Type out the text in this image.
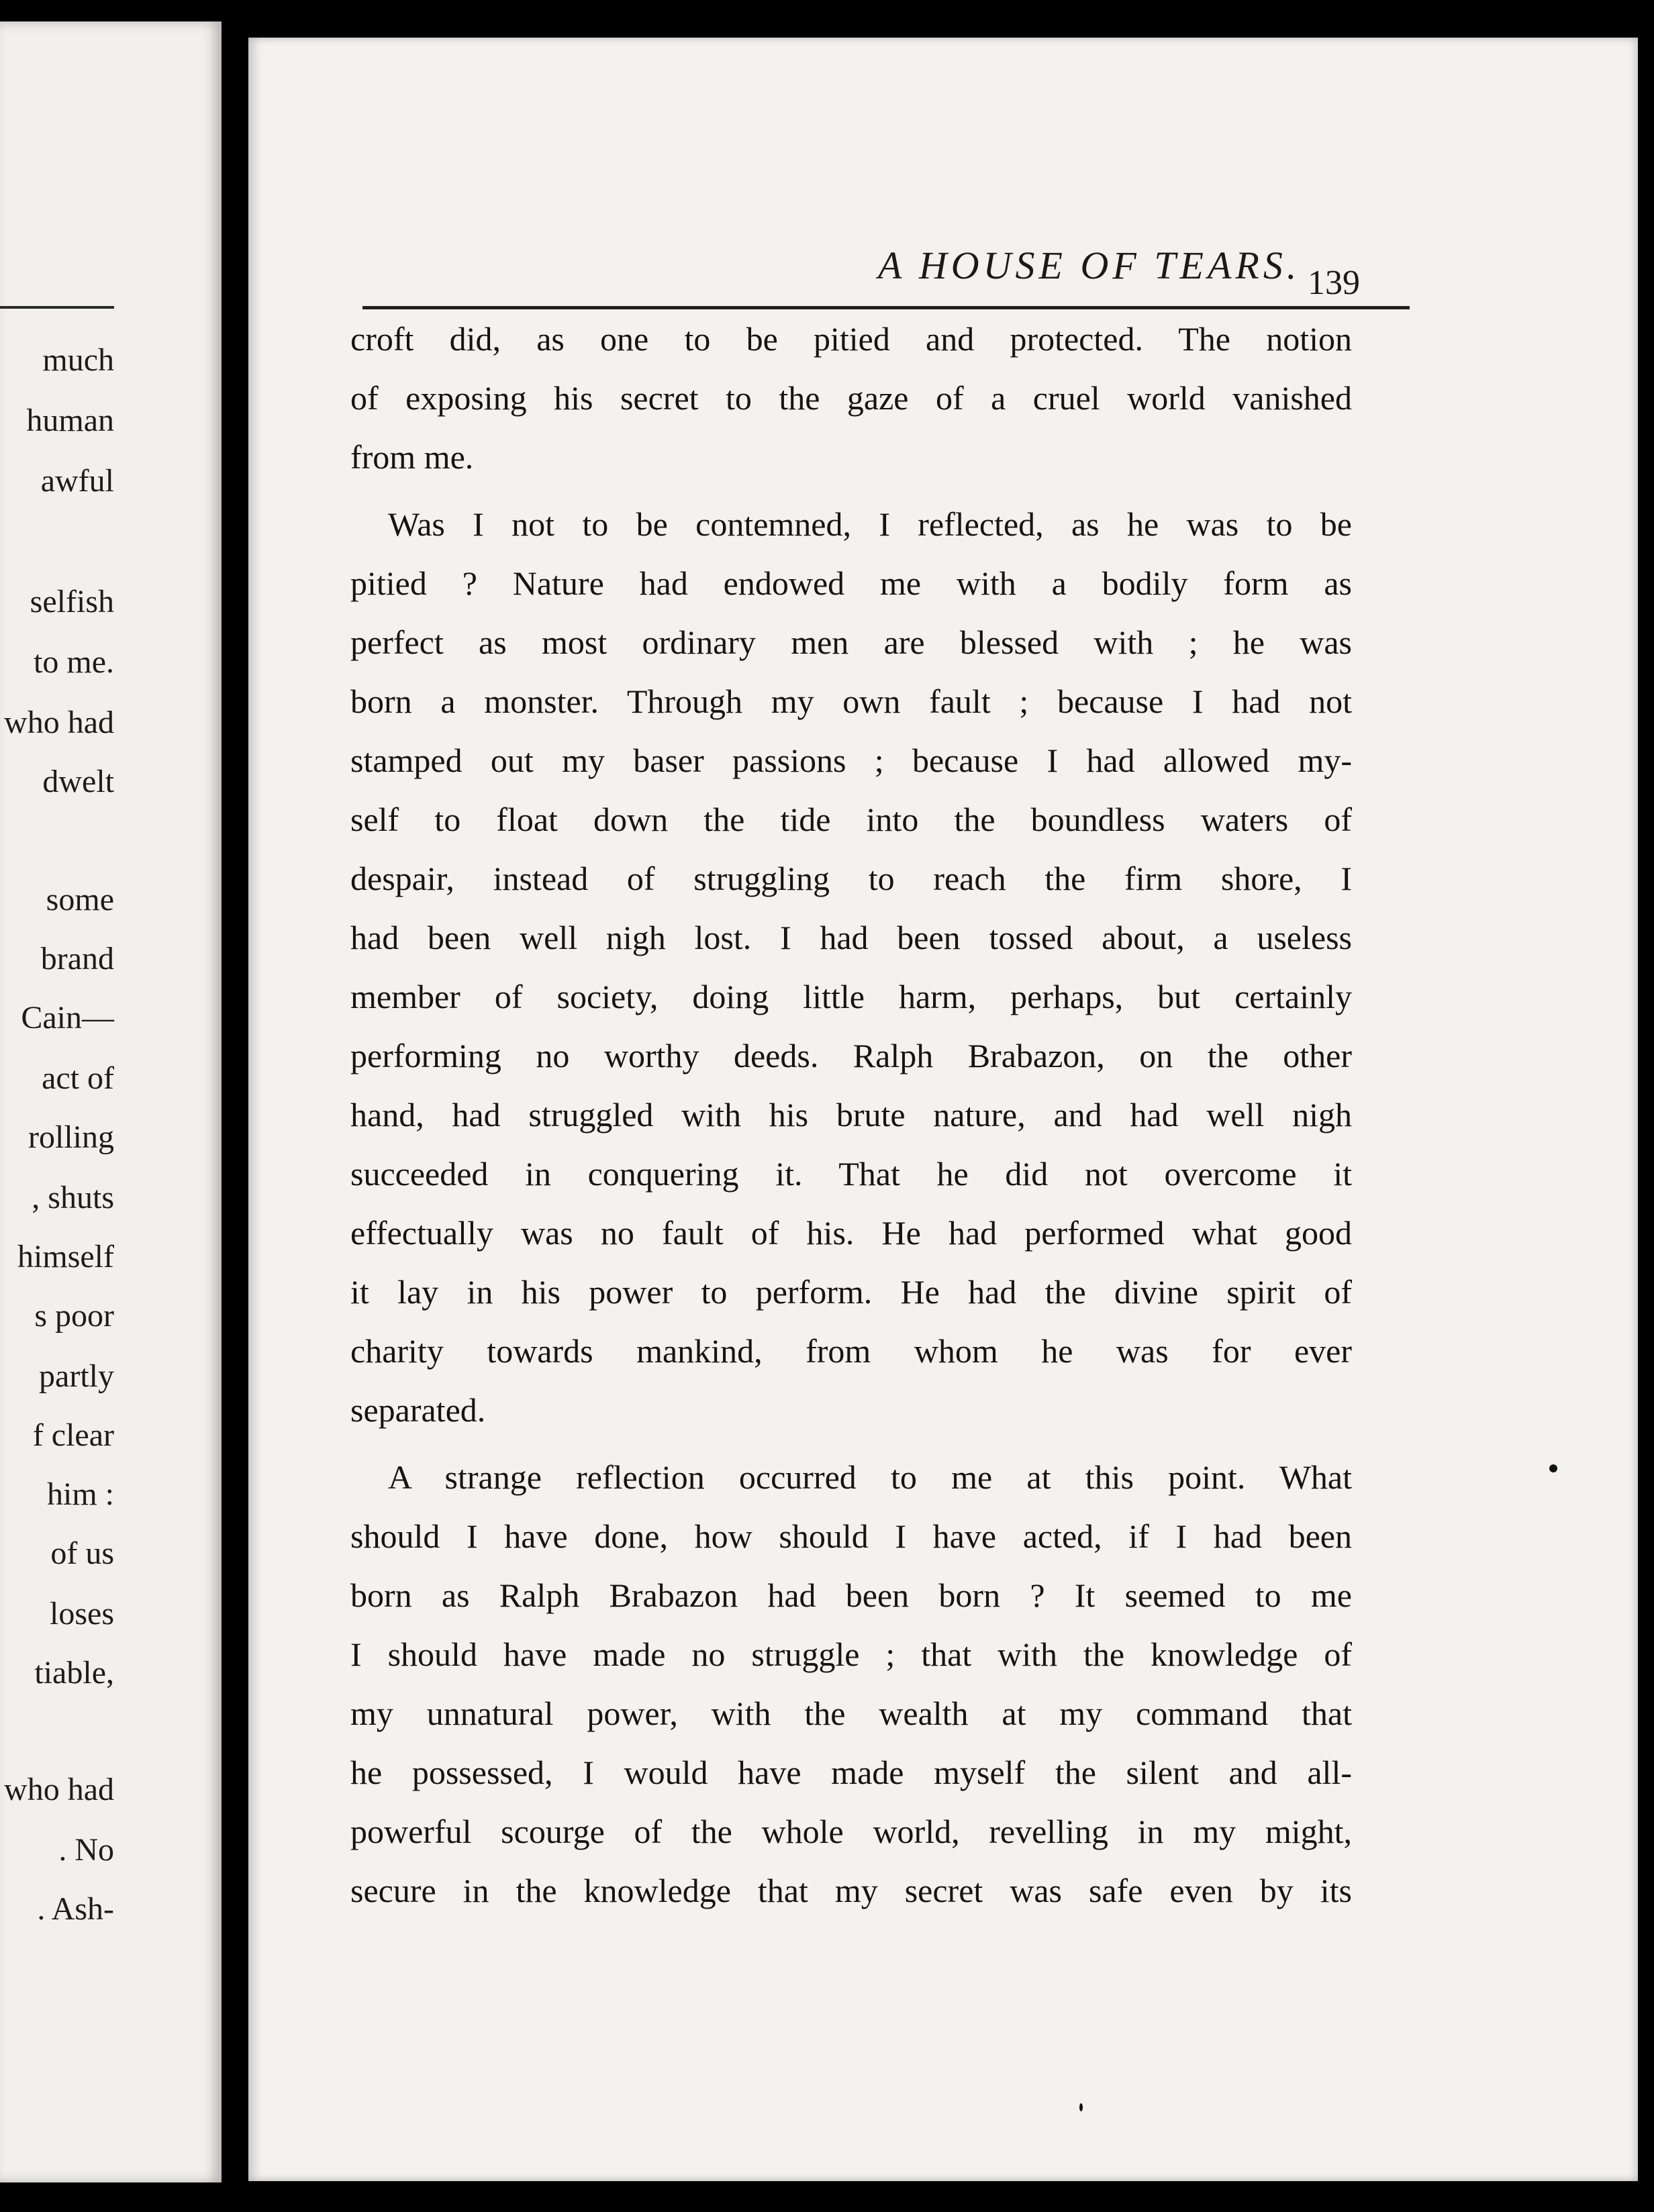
much
human
awful
selfish
to me.
who had
dwelt
some
brand
Cain—
act of
rolling
, shuts
himself
s poor
partly
f clear
him :
of us
loses
tiable,
who had
. No
. Ash-
A HOUSE OF TEARS. 139
croft did, as one to be pitied and protected. The notion
of exposing his secret to the gaze of a cruel world vanished
from me.
Was I not to be contemned, I reflected, as he was to be
pitied ? Nature had endowed me with a bodily form as
perfect as most ordinary men are blessed with ; he was
born a monster. Through my own fault ; because I had not
stamped out my baser passions ; because I had allowed my-
self to float down the tide into the boundless waters of
despair, instead of struggling to reach the firm shore, I
had been well nigh lost. I had been tossed about, a useless
member of society, doing little harm, perhaps, but certainly
performing no worthy deeds. Ralph Brabazon, on the other
hand, had struggled with his brute nature, and had well nigh
succeeded in conquering it. That he did not overcome it
effectually was no fault of his. He had performed what good
it lay in his power to perform. He had the divine spirit of
charity towards mankind, from whom he was for ever
separated.
A strange reflection occurred to me at this point. What
should I have done, how should I have acted, if I had been
born as Ralph Brabazon had been born ? It seemed to me
I should have made no struggle ; that with the knowledge of
my unnatural power, with the wealth at my command that
he possessed, I would have made myself the silent and all-
powerful scourge of the whole world, revelling in my might,
secure in the knowledge that my secret was safe even by its
